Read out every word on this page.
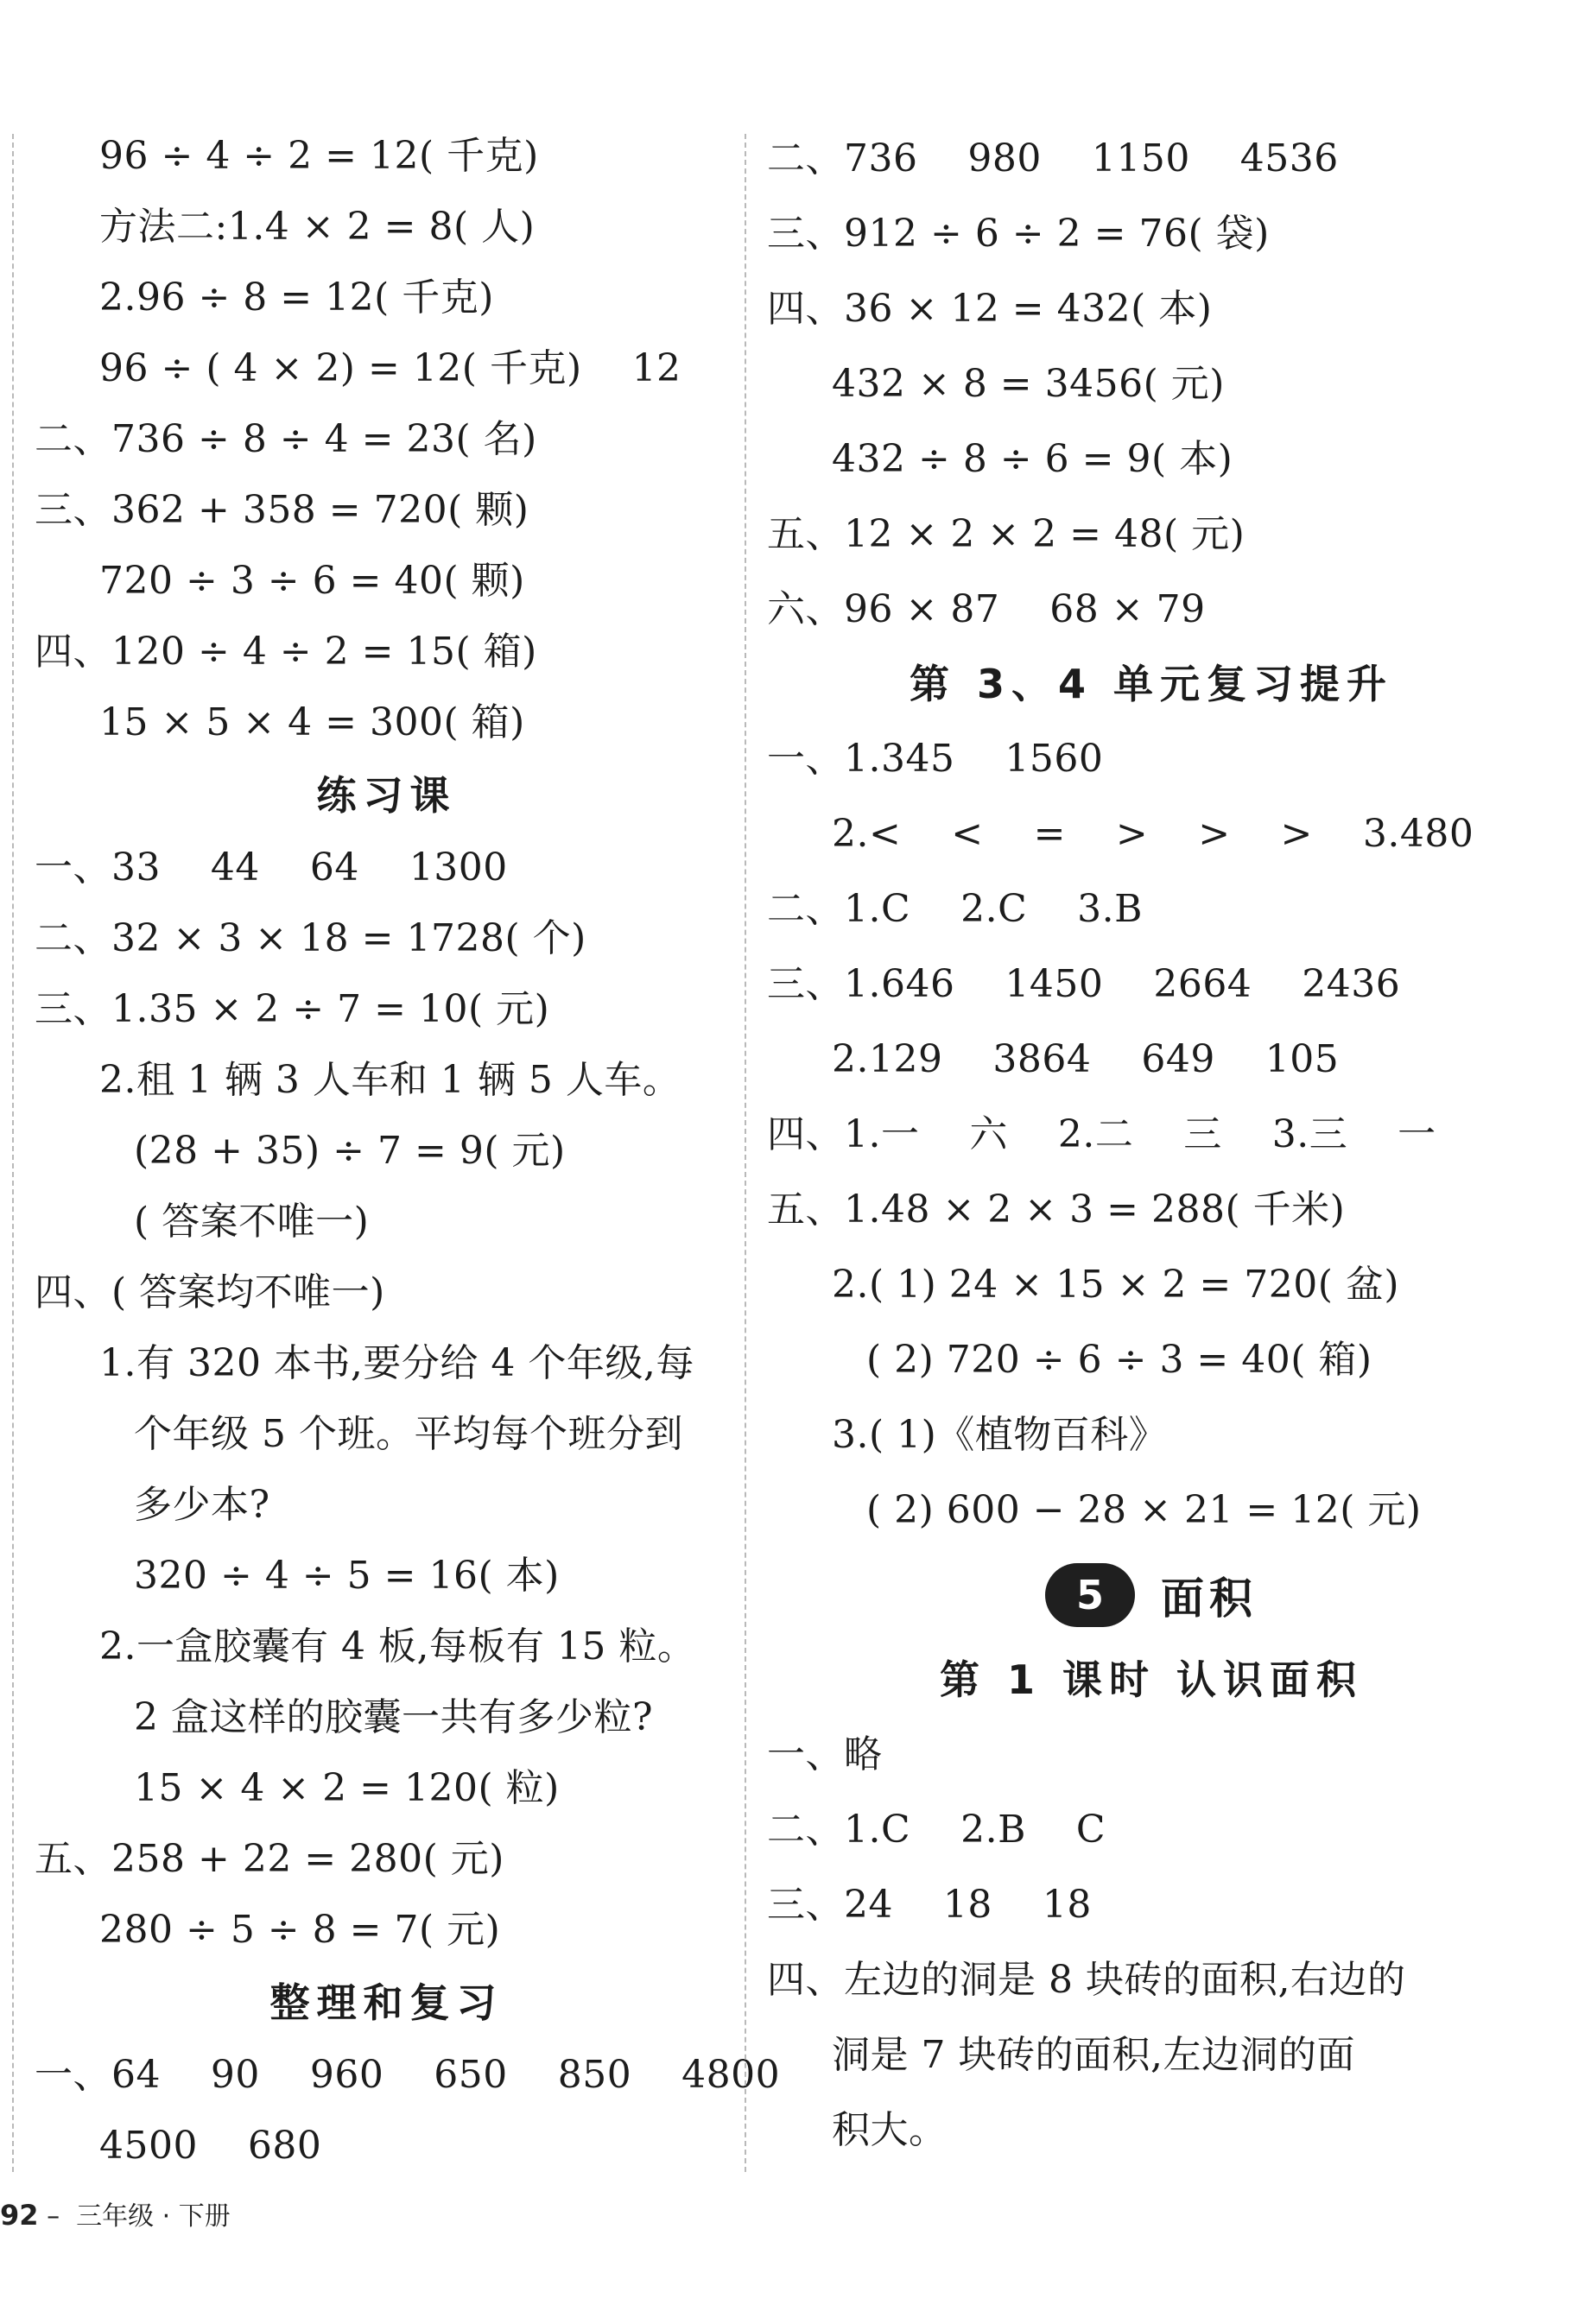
96 ÷ 4 ÷ 2 = 12( 千克)
方法二:1.4 × 2 = 8( 人)
2.96 ÷ 8 = 12( 千克)
96 ÷ ( 4 × 2) = 12( 千克)    12
二、736 ÷ 8 ÷ 4 = 23( 名)
三、362 + 358 = 720( 颗)
720 ÷ 3 ÷ 6 = 40( 颗)
四、120 ÷ 4 ÷ 2 = 15( 箱)
15 × 5 × 4 = 300( 箱)
练习课
一、33    44    64    1300
二、32 × 3 × 18 = 1728( 个)
三、1.35 × 2 ÷ 7 = 10( 元)
2.租 1 辆 3 人车和 1 辆 5 人车。
(28 + 35) ÷ 7 = 9( 元)
( 答案不唯一)
四、( 答案均不唯一)
1.有 320 本书,要分给 4 个年级,每
个年级 5 个班。平均每个班分到
多少本?
320 ÷ 4 ÷ 5 = 16( 本)
2.一盒胶囊有 4 板,每板有 15 粒。
2 盒这样的胶囊一共有多少粒?
15 × 4 × 2 = 120( 粒)
五、258 + 22 = 280( 元)
280 ÷ 5 ÷ 8 = 7( 元)
整理和复习
一、64    90    960    650    850    4800
4500    680
二、736    980    1150    4536
三、912 ÷ 6 ÷ 2 = 76( 袋)
四、36 × 12 = 432( 本)
432 × 8 = 3456( 元)
432 ÷ 8 ÷ 6 = 9( 本)
五、12 × 2 × 2 = 48( 元)
六、96 × 87    68 × 79
第 3、4 单元复习提升
一、1.345    1560
2.<    <    =    >    >    >    3.480
二、1.C    2.C    3.B
三、1.646    1450    2664    2436
2.129    3864    649    105
四、1.一    六    2.二    三    3.三    一
五、1.48 × 2 × 3 = 288( 千米)
2.( 1) 24 × 15 × 2 = 720( 盆)
( 2) 720 ÷ 6 ÷ 3 = 40( 箱)
3.( 1)《植物百科》
( 2) 600 − 28 × 21 = 12( 元)
5	面积
第 1 课时 认识面积
一、略
二、1.C    2.B    C
三、24    18    18
四、左边的洞是 8 块砖的面积,右边的
洞是 7 块砖的面积,左边洞的面
积大。
92 –  三年级 · 下册
